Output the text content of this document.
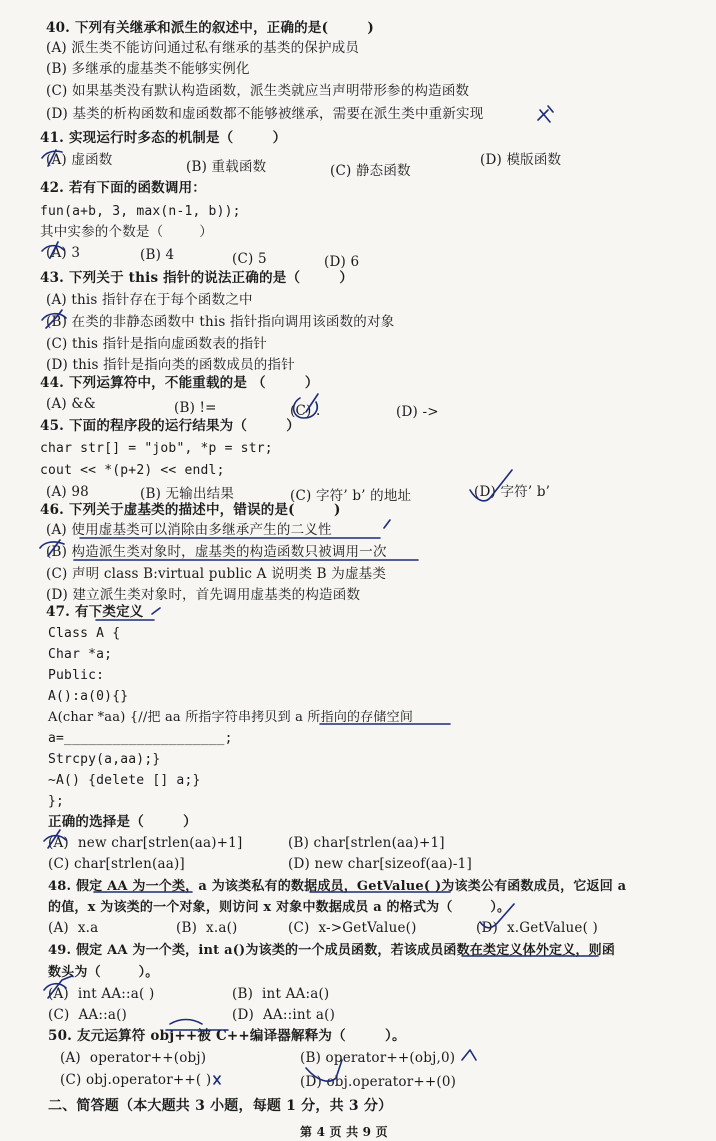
40. 下列有关继承和派生的叙述中，正确的是(        )
(A) 派生类不能访问通过私有继承的基类的保护成员
(B) 多继承的虚基类不能够实例化
(C) 如果基类没有默认构造函数，派生类就应当声明带形参的构造函数
(D) 基类的析构函数和虚函数都不能够被继承，需要在派生类中重新实现
41. 实现运行时多态的机制是（        ）
(A) 虚函数	(B) 重载函数	(C) 静态函数
(D) 模版函数
42. 若有下面的函数调用：
fun(a+b, 3, max(n-1, b));
其中实参的个数是（        ）
(A) 3	(B) 4	(C) 5	(D) 6
43. 下列关于 this 指针的说法正确的是（        ）
(A) this 指针存在于每个函数之中
(B) 在类的非静态函数中 this 指针指向调用该函数的对象
(C) this 指针是指向虚函数表的指针
(D) this 指针是指向类的函数成员的指针
44. 下列运算符中，不能重载的是 （        ）
(A) &&	(B) !=	(C) .	(D) ->
45. 下面的程序段的运行结果为（        ）
char str[] = "job", *p = str;
cout << *(p+2) << endl;
(A) 98	(B) 无输出结果	(C) 字符’ b’ 的地址	(D) 字符’ b’
46. 下列关于虚基类的描述中，错误的是(        )
(A) 使用虚基类可以消除由多继承产生的二义性
(B) 构造派生类对象时，虚基类的构造函数只被调用一次
(C) 声明 class B:virtual public A 说明类 B 为虚基类
(D) 建立派生类对象时，首先调用虚基类的构造函数
47. 有下类定义
Class A {
Char *a;
Public:
A():a(0){}
A(char *aa) {//把 aa 所指字符串拷贝到 a 所指向的存储空间
a=____________________;
Strcpy(a,aa);}
~A() {delete [] a;}
};
正确的选择是（        ）
(A)  new char[strlen(aa)+1]	(B) char[strlen(aa)+1]
(C) char[strlen(aa)]	(D) new char[sizeof(aa)-1]
48. 假定 AA 为一个类，a 为该类私有的数据成员，GetValue( )为该类公有函数成员，它返回 a
的值，x 为该类的一个对象，则访问 x 对象中数据成员 a 的格式为（        ）。
(A)  x.a	(B)  x.a()	(C)  x->GetValue()	(D)  x.GetValue( )
49. 假定 AA 为一个类，int a()为该类的一个成员函数，若该成员函数在类定义体外定义，则函
数头为（        ）。
(A)  int AA::a( )	(B)  int AA:a()
(C)  AA::a()	(D)  AA::int a()
50. 友元运算符 obj++被 C++编译器解释为（        ）。
(A)  operator++(obj)	(B) operator++(obj,0)
(C) obj.operator++( )	(D) obj.operator++(0)
二、简答题（本大题共 3 小题，每题 1 分，共 3 分）
第 4 页 共 9 页
